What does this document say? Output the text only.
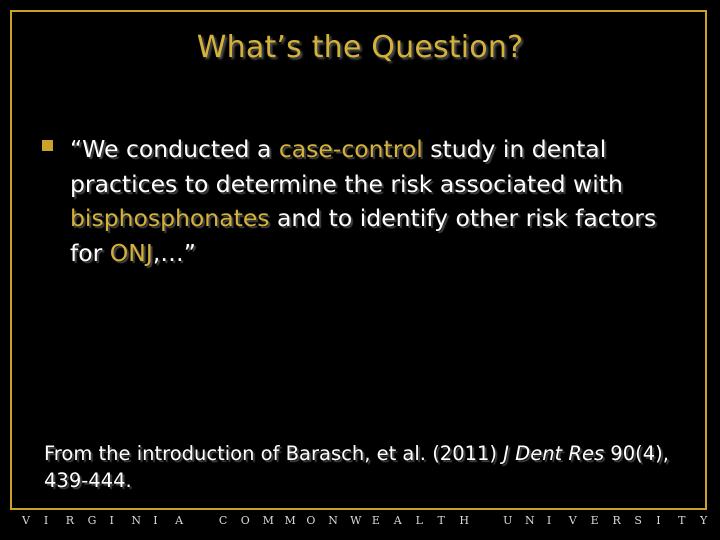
What’s the Question?
“We conducted a case-control study in dental practices to determine the risk associated with bisphosphonates and to identify other risk factors for ONJ,…”
From the introduction of Barasch, et al. (2011) J Dent Res 90(4), 439-444.
V I R G I N I A	C O M M O N W E A L T H	U N I V E R S I T Y
